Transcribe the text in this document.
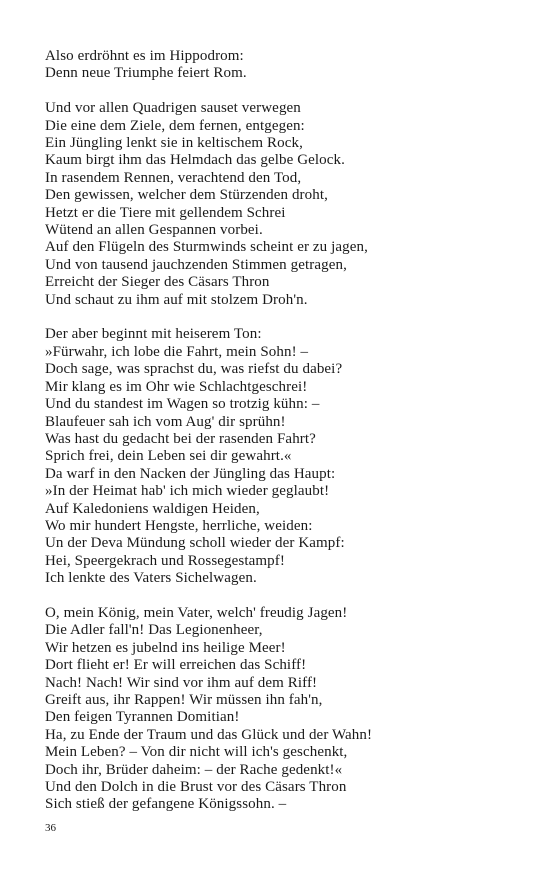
Also erdröhnt es im Hippodrom:
Denn neue Triumphe feiert Rom.
Und vor allen Quadrigen sauset verwegen
Die eine dem Ziele, dem fernen, entgegen:
Ein Jüngling lenkt sie in keltischem Rock,
Kaum birgt ihm das Helmdach das gelbe Gelock.
In rasendem Rennen, verachtend den Tod,
Den gewissen, welcher dem Stürzenden droht,
Hetzt er die Tiere mit gellendem Schrei
Wütend an allen Gespannen vorbei.
Auf den Flügeln des Sturmwinds scheint er zu jagen,
Und von tausend jauchzenden Stimmen getragen,
Erreicht der Sieger des Cäsars Thron
Und schaut zu ihm auf mit stolzem Droh'n.
Der aber beginnt mit heiserem Ton:
»Fürwahr, ich lobe die Fahrt, mein Sohn! –
Doch sage, was sprachst du, was riefst du dabei?
Mir klang es im Ohr wie Schlachtgeschrei!
Und du standest im Wagen so trotzig kühn: –
Blaufeuer sah ich vom Aug' dir sprühn!
Was hast du gedacht bei der rasenden Fahrt?
Sprich frei, dein Leben sei dir gewahrt.«
Da warf in den Nacken der Jüngling das Haupt:
»In der Heimat hab' ich mich wieder geglaubt!
Auf Kaledoniens waldigen Heiden,
Wo mir hundert Hengste, herrliche, weiden:
Un der Deva Mündung scholl wieder der Kampf:
Hei, Speergekrach und Rossegestampf!
Ich lenkte des Vaters Sichelwagen.
O, mein König, mein Vater, welch' freudig Jagen!
Die Adler fall'n! Das Legionenheer,
Wir hetzen es jubelnd ins heilige Meer!
Dort flieht er! Er will erreichen das Schiff!
Nach! Nach! Wir sind vor ihm auf dem Riff!
Greift aus, ihr Rappen! Wir müssen ihn fah'n,
Den feigen Tyrannen Domitian!
Ha, zu Ende der Traum und das Glück und der Wahn!
Mein Leben? – Von dir nicht will ich's geschenkt,
Doch ihr, Brüder daheim: – der Rache gedenkt!«
Und den Dolch in die Brust vor des Cäsars Thron
Sich stieß der gefangene Königssohn. –
36
